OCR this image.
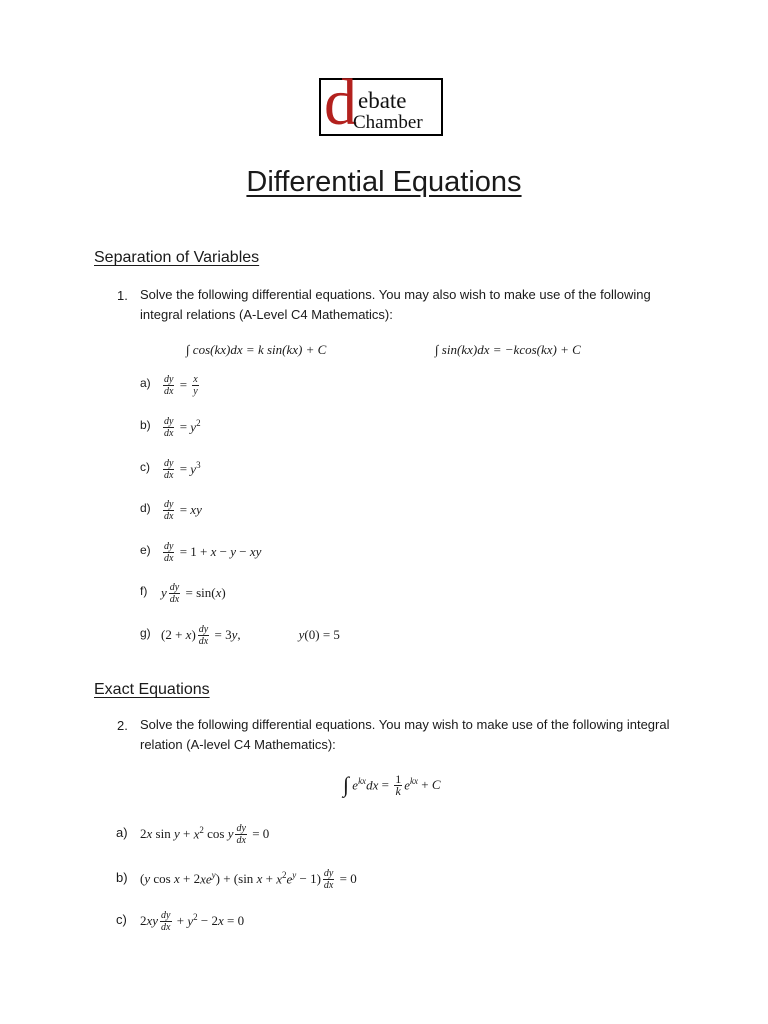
d ebate
Chamber
Differential Equations
Separation of Variables
1. Solve the following differential equations. You may also wish to make use of the following integral relations (A-Level C4 Mathematics):
∫ cos(kx)dx = k sin(kx) + C	∫ sin(kx)dx = −kcos(kx) + C
$a) \frac{dy}{dx} = \frac{x}{y}$
$b) \frac{dy}{dx} = y^2$
$c) \frac{dy}{dx} = y^3$
$d) \frac{dy}{dx}$ = xy
$e) \frac{dy}{dx} = 1 + x - y$ − xy
f) y $\frac{dy}{dx} = \sin$( x )
g) (2 + x ) $\frac{dy}{dx} = 3$ y ,	y(0) = 5
Exact Equations
2. Solve the following differential equations. You may wish to make use of the following integral relation (A-level C4 Mathematics):
∫ $e^{kx}dx = \frac{1}{k} e^{kx} + C$
a) 2 x $\sin y + x^2$ cos y $\frac{dy}{dx} = 0$
b) ( y cos x + 2 $xe^y$ ) + (sin $x + x^2e^y - 1) \frac{dy}{dx} = 0$
c) 2 xy $\frac{dy}{dx} + y^2 - 2$ x = 0
